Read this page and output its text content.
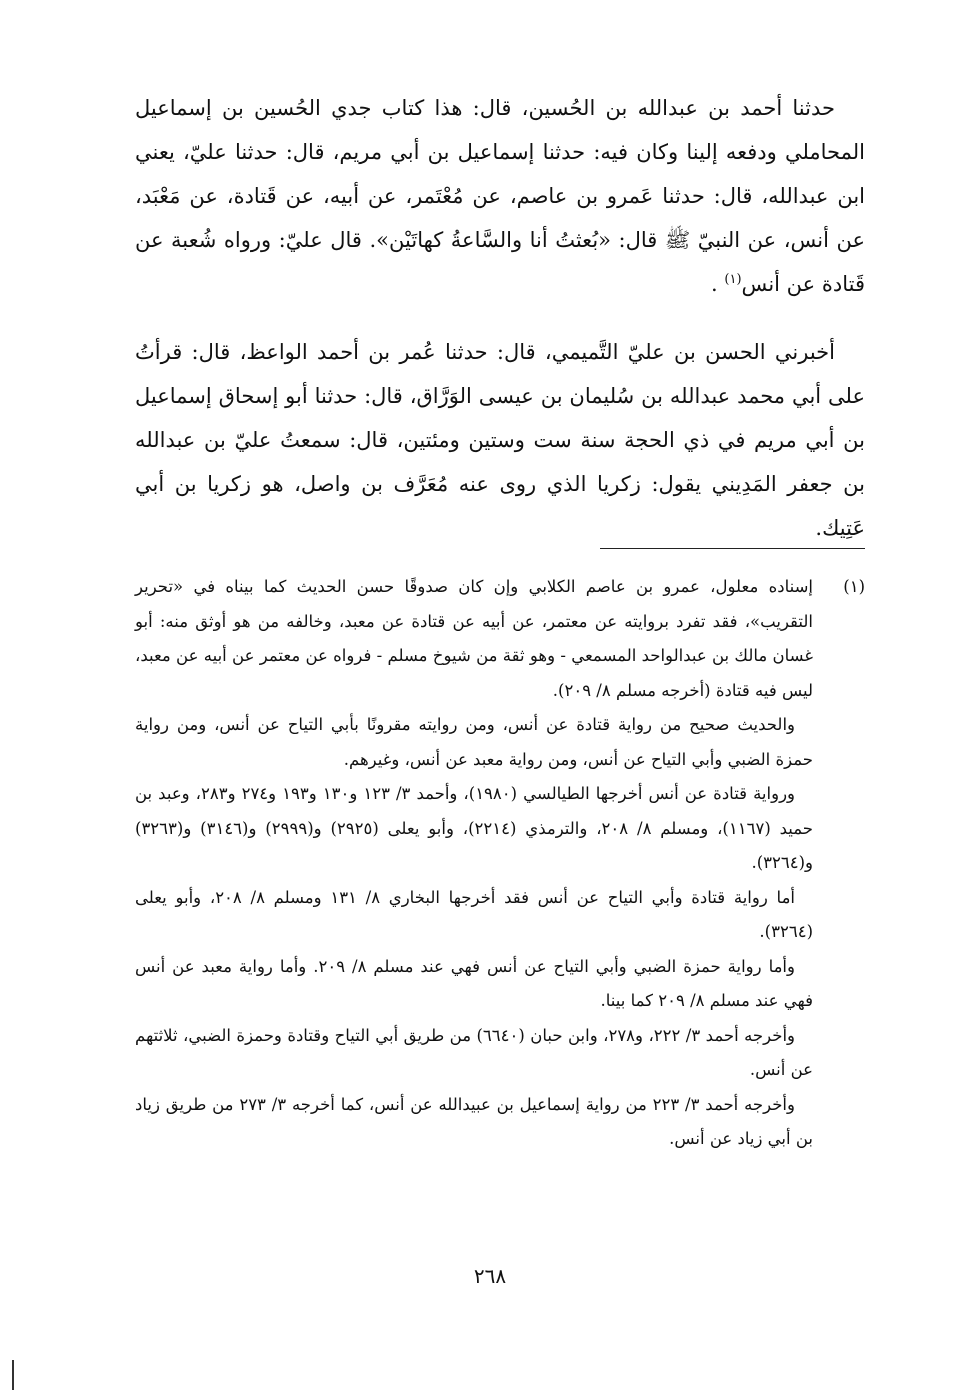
حدثنا أحمد بن عبدالله بن الحُسين، قال: هذا كتاب جدي الحُسين بن إسماعيل المحاملي ودفعه إلينا وكان فيه: حدثنا إسماعيل بن أبي مريم، قال: حدثنا عليّ، يعني ابن عبدالله، قال: حدثنا عَمرو بن عاصم، عن مُعْتَمر، عن أبيه، عن قَتادة، عن مَعْبَد، عن أنس، عن النبيّ ﷺ قال: «بُعثتُ أنا والسَّاعةُ كهاتَيْن». قال عليّ: ورواه شُعبة عن قَتادة عن أنس$^{(١)}$ .

أخبرني الحسن بن عليّ التَّميمي، قال: حدثنا عُمر بن أحمد الواعظ، قال: قرأتُ على أبي محمد عبدالله بن سُليمان بن عيسى الوَرَّاق، قال: حدثنا أبو إسحاق إسماعيل بن أبي مريم في ذي الحجة سنة ست وستين ومئتين، قال: سمعتُ عليّ بن عبدالله بن جعفر المَدِيني يقول: زكريا الذي روى عنه مُعَرَّف بن واصل، هو زكريا بن أبي عَتِيك.

(١)
إسناده معلول، عمرو بن عاصم الكلابي وإن كان صدوقًا حسن الحديث كما بيناه في «تحرير التقريب»، فقد تفرد بروايته عن معتمر، عن أبيه عن قتادة عن معبد، وخالفه من هو أوثق منه: أبو غسان مالك بن عبدالواحد المسمعي - وهو ثقة من شيوخ مسلم - فرواه عن معتمر عن أبيه عن معبد، ليس فيه قتادة (أخرجه مسلم ٨/ ٢٠٩).

والحديث صحيح من رواية قتادة عن أنس، ومن روايته مقرونًا بأبي التياح عن أنس، ومن رواية حمزة الضبي وأبي التياح عن أنس، ومن رواية معبد عن أنس، وغيرهم.

ورواية قتادة عن أنس أخرجها الطيالسي (١٩٨٠)، وأحمد ٣/ ١٢٣ و١٣٠ و١٩٣ و٢٧٤ و٢٨٣، وعبد بن حميد (١١٦٧)، ومسلم ٨/ ٢٠٨، والترمذي (٢٢١٤)، وأبو يعلى (٢٩٢٥) و(٢٩٩٩) و(٣١٤٦) و(٣٢٦٣) و(٣٢٦٤).

أما رواية قتادة وأبي التياح عن أنس فقد أخرجها البخاري ٨/ ١٣١ ومسلم ٨/ ٢٠٨، وأبو يعلى (٣٢٦٤).

وأما رواية حمزة الضبي وأبي التياح عن أنس فهي عند مسلم ٨/ ٢٠٩. وأما رواية معبد عن أنس فهي عند مسلم ٨/ ٢٠٩ كما بينا.

وأخرجه أحمد ٣/ ٢٢٢، و٢٧٨، وابن حبان (٦٦٤٠) من طريق أبي التياح وقتادة وحمزة الضبي، ثلاثتهم عن أنس.

وأخرجه أحمد ٣/ ٢٢٣ من رواية إسماعيل بن عبيدالله عن أنس، كما أخرجه ٣/ ٢٧٣ من طريق زياد بن أبي زياد عن أنس.

٢٦٨
